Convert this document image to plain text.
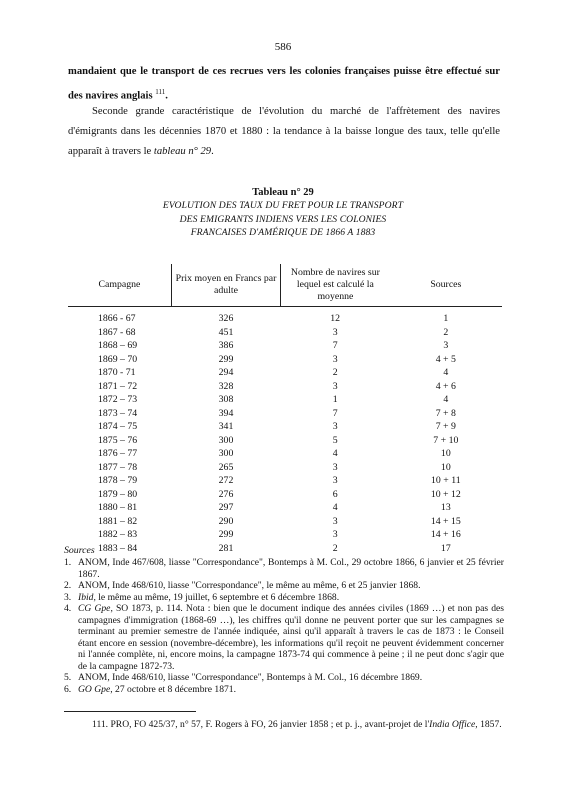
586

mandaient que le transport de ces recrues vers les colonies françaises puisse être effectué sur des navires anglais $^{111}$.

Seconde grande caractéristique de l'évolution du marché de l'affrètement des navires d'émigrants dans les décennies 1870 et 1880 : la tendance à la baisse longue des taux, telle qu'elle apparaît à travers le tableau n° 29.

Tableau n° 29
EVOLUTION DES TAUX DU FRET POUR LE TRANSPORT
DES EMIGRANTS INDIENS VERS LES COLONIES
FRANCAISES D'AMÉRIQUE DE 1866 A 1883
Campagne	Prix moyen en Francs par adulte	Nombre de navires sur lequel est calculé la moyenne	Sources

1866 - 67	326	12	1
1867 - 68	451	3	2
1868 – 69	386	7	3
1869 – 70	299	3	4 + 5
1870 - 71	294	2	4
1871 – 72	328	3	4 + 6
1872 – 73	308	1	4
1873 – 74	394	7	7 + 8
1874 – 75	341	3	7 + 9
1875 – 76	300	5	7 + 10
1876 – 77	300	4	10
1877 – 78	265	3	10
1878 – 79	272	3	10 + 11
1879 – 80	276	6	10 + 12
1880 – 81	297	4	13
1881 – 82	290	3	14 + 15
1882 – 83	299	3	14 + 16
1883 – 84	281	2	17
Sources
1. ANOM, Inde 467/608, liasse "Correspondance", Bontemps à M. Col., 29 octobre 1866, 6 janvier et 25 février 1867.
2. ANOM, Inde 468/610, liasse "Correspondance", le même au même, 6 et 25 janvier 1868.
3. Ibid, le même au même, 19 juillet, 6 septembre et 6 décembre 1868.
4. CG Gpe, SO 1873, p. 114. Nota : bien que le document indique des années civiles (1869 …) et non pas des campagnes d'immigration (1868-69 …), les chiffres qu'il donne ne peuvent porter que sur les campagnes se terminant au premier semestre de l'année indiquée, ainsi qu'il apparaît à travers le cas de 1873 : le Conseil étant encore en session (novembre-décembre), les informations qu'il reçoit ne peuvent évidemment concerner ni l'année complète, ni, encore moins, la campagne 1873-74 qui commence à peine ; il ne peut donc s'agir que de la campagne 1872-73.
5. ANOM, Inde 468/610, liasse "Correspondance", Bontemps à M. Col., 16 décembre 1869.
6. GO Gpe, 27 octobre et 8 décembre 1871.

111. PRO, FO 425/37, n° 57, F. Rogers à FO, 26 janvier 1858 ; et p. j., avant-projet de l'India Office, 1857.
